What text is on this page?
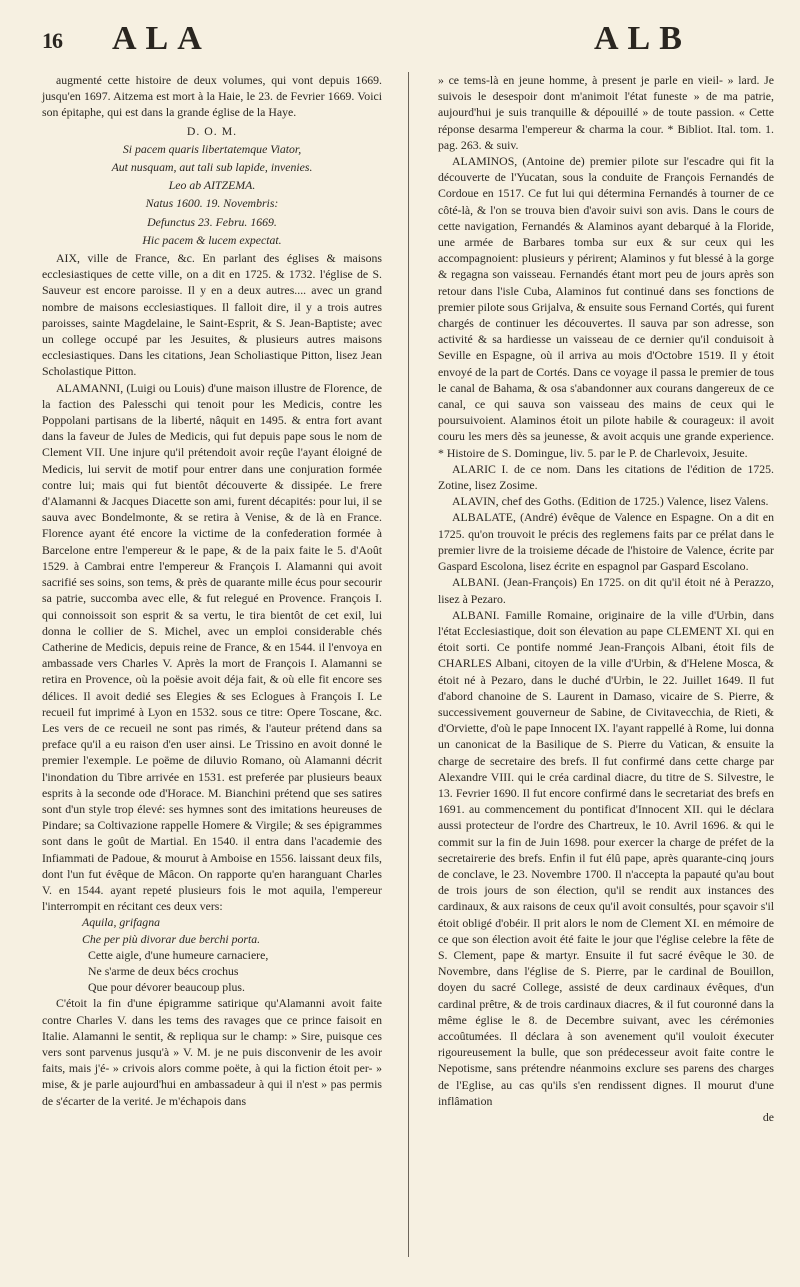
16 ALA	ALB

augmenté cette histoire de deux volumes, qui vont depuis 1669. jusqu'en 1697. Aitzema est mort à la Haie, le 23. de Fevrier 1669. Voici son épitaphe, qui est dans la grande église de la Haye.

D. O. M.

Si pacem quaris libertatemque Viator,

Aut nusquam, aut tali sub lapide, invenies.

Leo ab AITZEMA.

Natus 1600. 19. Novembris:

Defunctus 23. Febru. 1669.

Hic pacem & lucem expectat.

AIX, ville de France, &c. En parlant des églises & maisons ecclesiastiques de cette ville, on a dit en 1725. & 1732. l'église de S. Sauveur est encore paroisse. Il y en a deux autres.... avec un grand nombre de maisons ecclesiastiques. Il falloit dire, il y a trois autres paroisses, sainte Magdelaine, le Saint-Esprit, & S. Jean-Baptiste; avec un college occupé par les Jesuites, & plusieurs autres maisons ecclesiastiques. Dans les citations, Jean Scholiastique Pitton, lisez Jean Scholastique Pitton.

ALAMANNI, (Luigi ou Louis) d'une maison illustre de Florence, de la faction des Palesschi qui tenoit pour les Medicis, contre les Poppolani partisans de la liberté, nâquit en 1495. & entra fort avant dans la faveur de Jules de Medicis, qui fut depuis pape sous le nom de Clement VII. Une injure qu'il prétendoit avoir reçûe l'ayant éloigné de Medicis, lui servit de motif pour entrer dans une conjuration formée contre lui; mais qui fut bientôt découverte & dissipée. Le frere d'Alamanni & Jacques Diacette son ami, furent décapités: pour lui, il se sauva avec Bondelmonte, & se retira à Venise, & de là en France. Florence ayant été encore la victime de la confederation formée à Barcelone entre l'empereur & le pape, & de la paix faite le 5. d'Août 1529. à Cambrai entre l'empereur & François I. Alamanni qui avoit sacrifié ses soins, son tems, & près de quarante mille écus pour secourir sa patrie, succomba avec elle, & fut relegué en Provence. François I. qui connoissoit son esprit & sa vertu, le tira bientôt de cet exil, lui donna le collier de S. Michel, avec un emploi considerable chés Catherine de Medicis, depuis reine de France, & en 1544. il l'envoya en ambassade vers Charles V. Après la mort de François I. Alamanni se retira en Provence, où la poësie avoit déja fait, & où elle fit encore ses délices. Il avoit dedié ses Elegies & ses Eclogues à François I. Le recueil fut imprimé à Lyon en 1532. sous ce titre: Opere Toscane, &c. Les vers de ce recueil ne sont pas rimés, & l'auteur prétend dans sa preface qu'il a eu raison d'en user ainsi. Le Trissino en avoit donné le premier l'exemple. Le poëme de diluvio Romano, où Alamanni décrit l'inondation du Tibre arrivée en 1531. est preferée par plusieurs beaux esprits à la seconde ode d'Horace. M. Bianchini prétend que ses satires sont d'un style trop élevé: ses hymnes sont des imitations heureuses de Pindare; sa Coltivazione rappelle Homere & Virgile; & ses épigrammes sont dans le goût de Martial. En 1540. il entra dans l'academie des Infiammati de Padoue, & mourut à Amboise en 1556. laissant deux fils, dont l'un fut évêque de Mâcon. On rapporte qu'en haranguant Charles V. en 1544. ayant repeté plusieurs fois le mot aquila, l'empereur l'interrompit en récitant ces deux vers:

Aquila, grifagna

Che per più divorar due berchi porta.

Cette aigle, d'une humeure carnaciere,

Ne s'arme de deux bécs crochus

Que pour dévorer beaucoup plus.

C'étoit la fin d'une épigramme satirique qu'Alamanni avoit faite contre Charles V. dans les tems des ravages que ce prince faisoit en Italie. Alamanni le sentit, & repliqua sur le champ: » Sire, puisque ces vers sont parvenus jusqu'à » V. M. je ne puis disconvenir de les avoir faits, mais j'é- » crivois alors comme poëte, à qui la fiction étoit per- » mise, & je parle aujourd'hui en ambassadeur à qui il n'est » pas permis de s'écarter de la verité. Je m'échapois dans

» ce tems-là en jeune homme, à present je parle en vieil- » lard. Je suivois le desespoir dont m'animoit l'état funeste » de ma patrie, aujourd'hui je suis tranquille & dépouillé » de toute passion. « Cette réponse desarma l'empereur & charma la cour. * Bibliot. Ital. tom. 1. pag. 263. & suiv.

ALAMINOS, (Antoine de) premier pilote sur l'escadre qui fit la découverte de l'Yucatan, sous la conduite de François Fernandés de Cordoue en 1517. Ce fut lui qui détermina Fernandés à tourner de ce côté-là, & l'on se trouva bien d'avoir suivi son avis. Dans le cours de cette navigation, Fernandés & Alaminos ayant debarqué à la Floride, une armée de Barbares tomba sur eux & sur ceux qui les accompagnoient: plusieurs y périrent; Alaminos y fut blessé à la gorge & regagna son vaisseau. Fernandés étant mort peu de jours après son retour dans l'isle Cuba, Alaminos fut continué dans ses fonctions de premier pilote sous Grijalva, & ensuite sous Fernand Cortés, qui furent chargés de continuer les découvertes. Il sauva par son adresse, son activité & sa hardiesse un vaisseau de ce dernier qu'il conduisoit à Seville en Espagne, où il arriva au mois d'Octobre 1519. Il y étoit envoyé de la part de Cortés. Dans ce voyage il passa le premier de tous le canal de Bahama, & osa s'abandonner aux courans dangereux de ce canal, ce qui sauva son vaisseau des mains de ceux qui le poursuivoient. Alaminos étoit un pilote habile & courageux: il avoit couru les mers dès sa jeunesse, & avoit acquis une grande experience. * Histoire de S. Domingue, liv. 5. par le P. de Charlevoix, Jesuite.

ALARIC I. de ce nom. Dans les citations de l'édition de 1725. Zotine, lisez Zosime.

ALAVIN, chef des Goths. (Edition de 1725.) Valence, lisez Valens.

ALBALATE, (André) évêque de Valence en Espagne. On a dit en 1725. qu'on trouvoit le précis des reglemens faits par ce prélat dans le premier livre de la troisieme décade de l'histoire de Valence, écrite par Gaspard Escolona, lisez écrite en espagnol par Gaspard Escolano.

ALBANI. (Jean-François) En 1725. on dit qu'il étoit né à Perazzo, lisez à Pezaro.

ALBANI. Famille Romaine, originaire de la ville d'Urbin, dans l'état Ecclesiastique, doit son élevation au pape CLEMENT XI. qui en étoit sorti. Ce pontife nommé Jean-François Albani, étoit fils de CHARLES Albani, citoyen de la ville d'Urbin, & d'Helene Mosca, & étoit né à Pezaro, dans le duché d'Urbin, le 22. Juillet 1649. Il fut d'abord chanoine de S. Laurent in Damaso, vicaire de S. Pierre, & successivement gouverneur de Sabine, de Civitavecchia, de Rieti, & d'Orviette, d'où le pape Innocent IX. l'ayant rappellé à Rome, lui donna un canonicat de la Basilique de S. Pierre du Vatican, & ensuite la charge de secretaire des brefs. Il fut confirmé dans cette charge par Alexandre VIII. qui le créa cardinal diacre, du titre de S. Silvestre, le 13. Fevrier 1690. Il fut encore confirmé dans le secretariat des brefs en 1691. au commencement du pontificat d'Innocent XII. qui le déclara aussi protecteur de l'ordre des Chartreux, le 10. Avril 1696. & qui le commit sur la fin de Juin 1698. pour exercer la charge de préfet de la secretairerie des brefs. Enfin il fut élû pape, après quarante-cinq jours de conclave, le 23. Novembre 1700. Il n'accepta la papauté qu'au bout de trois jours de son élection, qu'il se rendit aux instances des cardinaux, & aux raisons de ceux qu'il avoit consultés, pour sçavoir s'il étoit obligé d'obéir. Il prit alors le nom de Clement XI. en mémoire de ce que son élection avoit été faite le jour que l'église celebre la fête de S. Clement, pape & martyr. Ensuite il fut sacré évêque le 30. de Novembre, dans l'église de S. Pierre, par le cardinal de Bouillon, doyen du sacré College, assisté de deux cardinaux évêques, d'un cardinal prêtre, & de trois cardinaux diacres, & il fut couronné dans la même église le 8. de Decembre suivant, avec les cérémonies accoûtumées. Il déclara à son avenement qu'il vouloit éxecuter rigoureusement la bulle, que son prédecesseur avoit faite contre le Nepotisme, sans prétendre néanmoins exclure ses parens des charges de l'Eglise, au cas qu'ils s'en rendissent dignes. Il mourut d'une inflâmation

de
